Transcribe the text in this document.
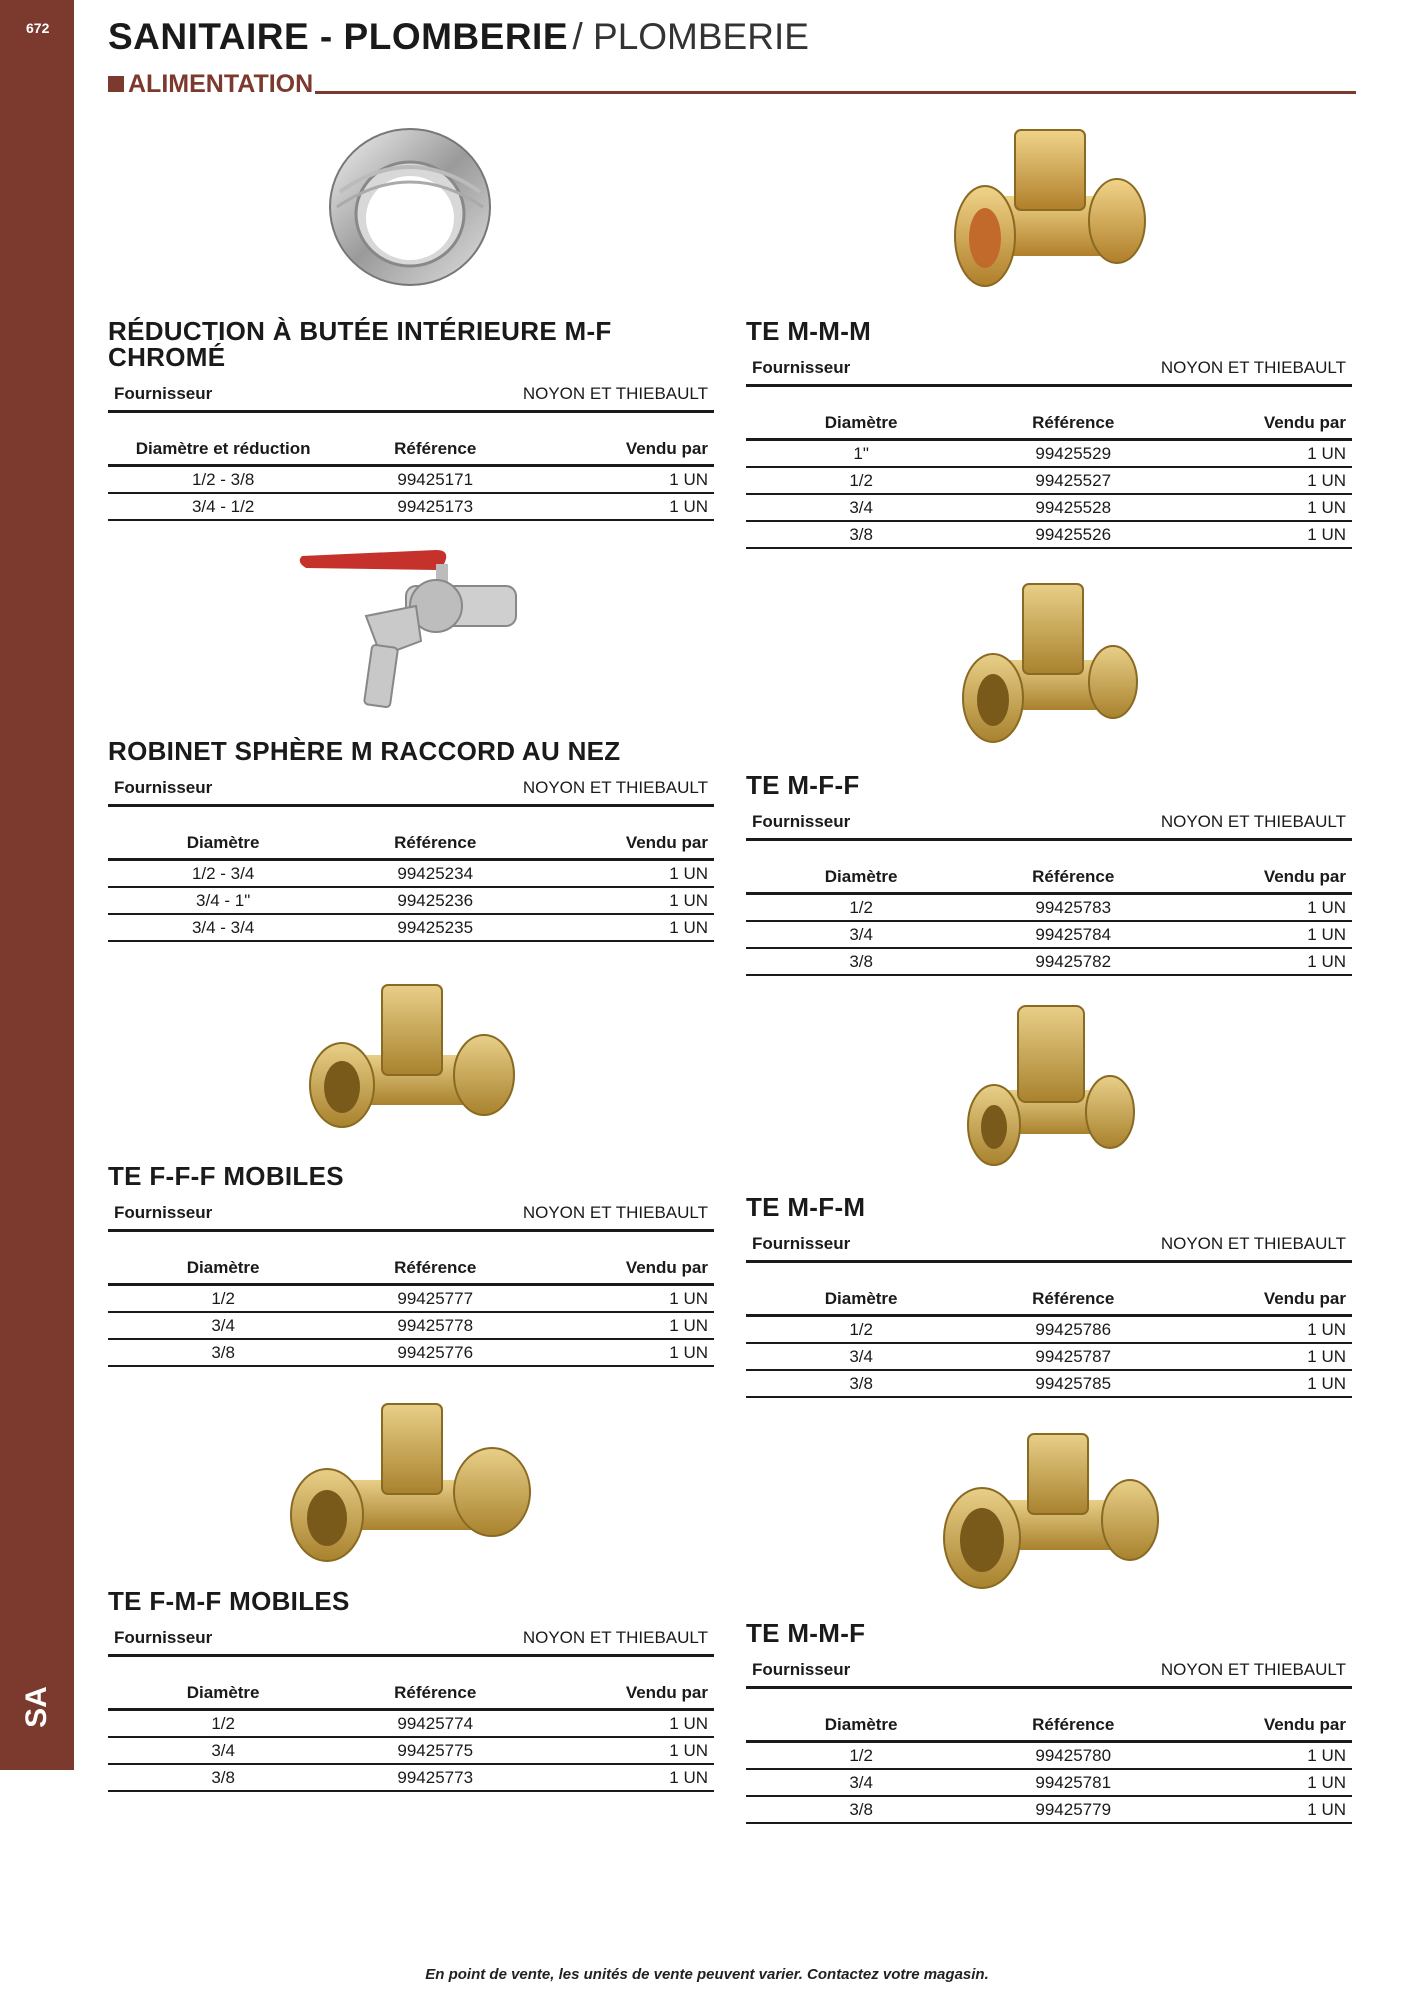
672
SA
SANITAIRE - PLOMBERIE / PLOMBERIE
ALIMENTATION
RÉDUCTION À BUTÉE INTÉRIEURE M-F CHROMÉ
Fournisseur	NOYON ET THIEBAULT
Diamètre et réduction	Référence	Vendu par
1/2 - 3/8	99425171	1 UN
3/4 - 1/2	99425173	1 UN
ROBINET SPHÈRE M RACCORD AU NEZ
Fournisseur	NOYON ET THIEBAULT
Diamètre	Référence	Vendu par
1/2 - 3/4	99425234	1 UN
3/4 - 1"	99425236	1 UN
3/4 - 3/4	99425235	1 UN
TE F-F-F MOBILES
Fournisseur	NOYON ET THIEBAULT
Diamètre	Référence	Vendu par
1/2	99425777	1 UN
3/4	99425778	1 UN
3/8	99425776	1 UN
TE F-M-F MOBILES
Fournisseur	NOYON ET THIEBAULT
Diamètre	Référence	Vendu par
1/2	99425774	1 UN
3/4	99425775	1 UN
3/8	99425773	1 UN
TE M-M-M
Fournisseur	NOYON ET THIEBAULT
Diamètre	Référence	Vendu par
1"	99425529	1 UN
1/2	99425527	1 UN
3/4	99425528	1 UN
3/8	99425526	1 UN
TE M-F-F
Fournisseur	NOYON ET THIEBAULT
Diamètre	Référence	Vendu par
1/2	99425783	1 UN
3/4	99425784	1 UN
3/8	99425782	1 UN
TE M-F-M
Fournisseur	NOYON ET THIEBAULT
Diamètre	Référence	Vendu par
1/2	99425786	1 UN
3/4	99425787	1 UN
3/8	99425785	1 UN
TE M-M-F
Fournisseur	NOYON ET THIEBAULT
Diamètre	Référence	Vendu par
1/2	99425780	1 UN
3/4	99425781	1 UN
3/8	99425779	1 UN
En point de vente, les unités de vente peuvent varier. Contactez votre magasin.
